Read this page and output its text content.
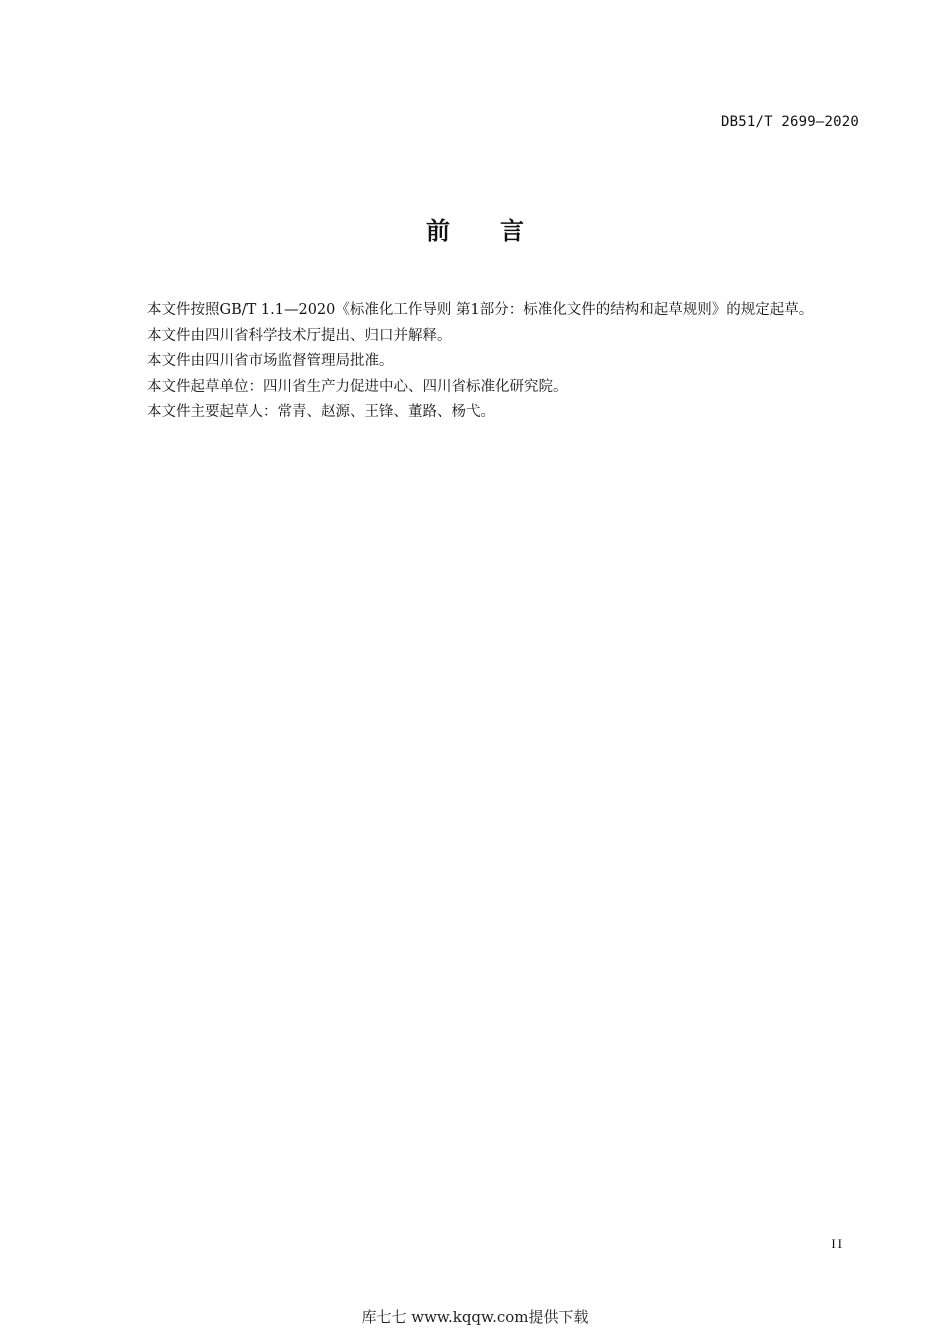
DB51/T 2699—2020
前言

本文件按照GB/T 1.1—2020《标准化工作导则 第1部分：标准化文件的结构和起草规则》的规定起草。

本文件由四川省科学技术厅提出、归口并解释。

本文件由四川省市场监督管理局批准。

本文件起草单位：四川省生产力促进中心、四川省标准化研究院。

本文件主要起草人：常青、赵源、王锋、董路、杨弋。

II
库七七 www.kqqw.com提供下载
